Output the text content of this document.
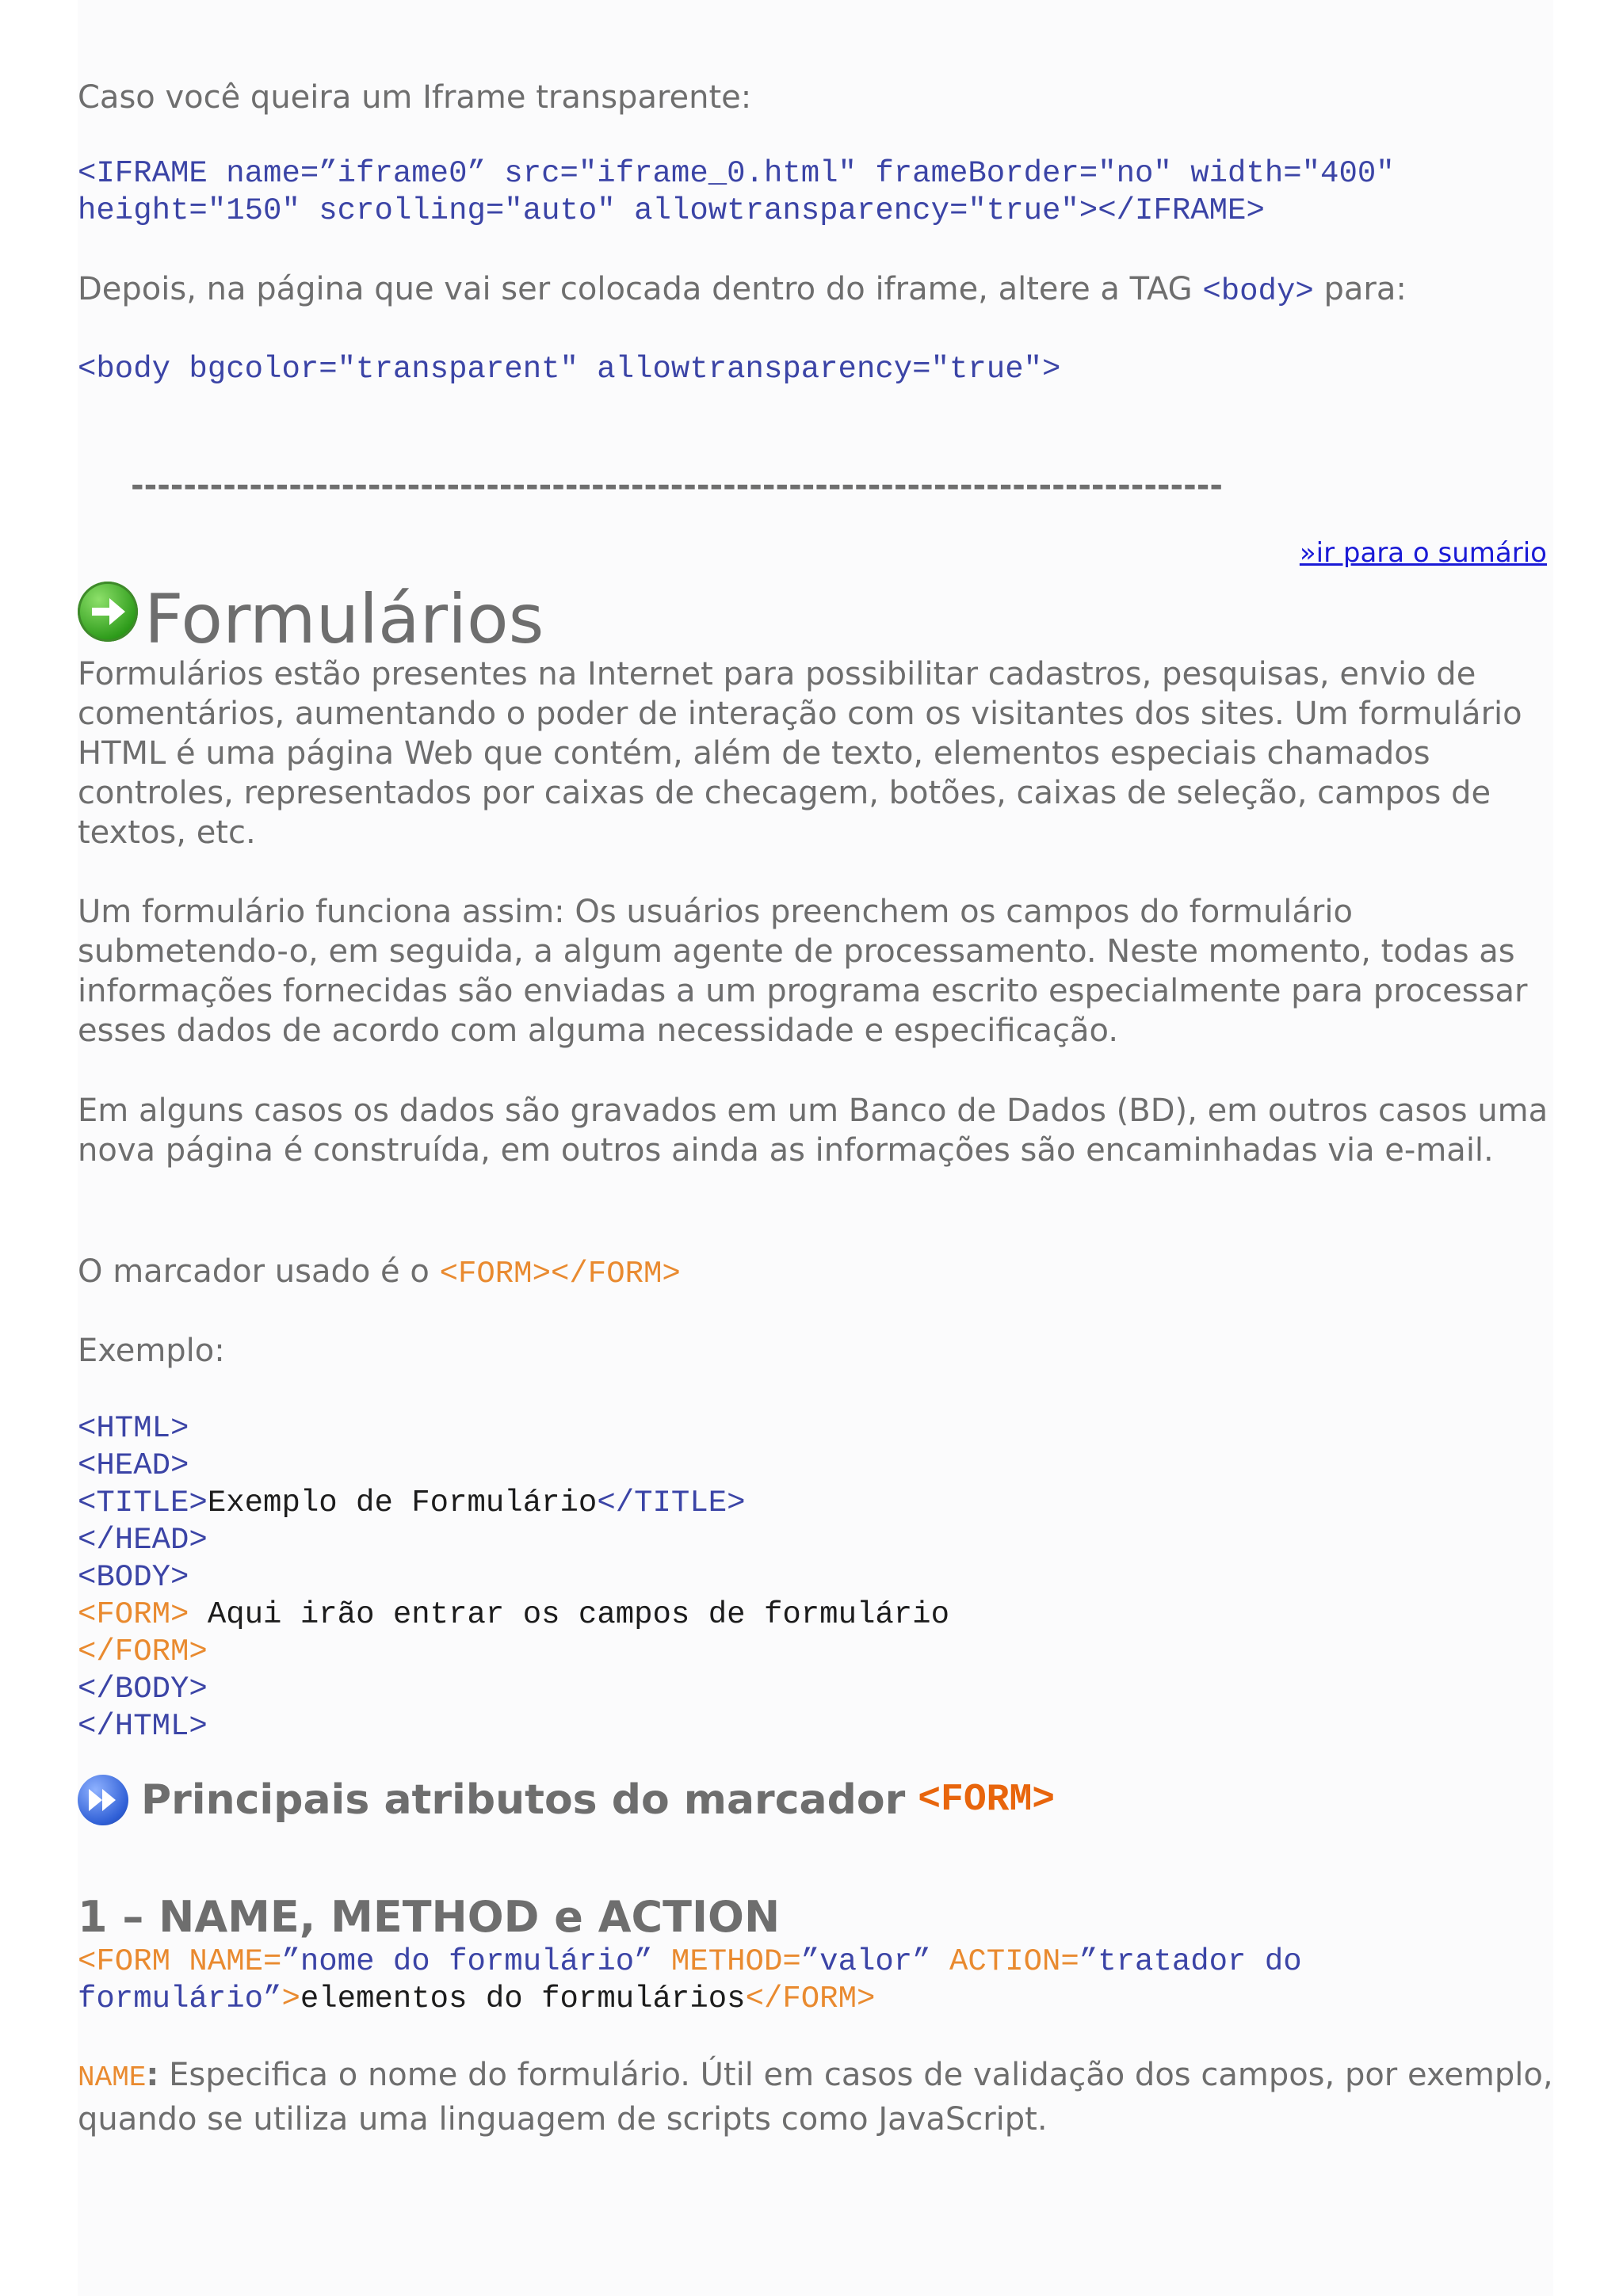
Caso você queira um Iframe transparente:

<IFRAME name=”iframe0” src="iframe_0.html" frameBorder="no" width="400"
height="150" scrolling="auto" allowtransparency="true"></IFRAME>

Depois, na página que vai ser colocada dentro do iframe, altere a TAG <body> para:

<body bgcolor="transparent" allowtransparency="true">
-----------------------------------------------------------------------------------
»ir para o sumário
Formulários

Formulários estão presentes na Internet para possibilitar cadastros, pesquisas, envio de comentários, aumentando o poder de interação com os visitantes dos sites. Um formulário HTML é uma página Web que contém, além de texto, elementos especiais chamados controles, representados por caixas de checagem, botões, caixas de seleção, campos de textos, etc.

Um formulário funciona assim: Os usuários preenchem os campos do formulário submetendo-o, em seguida, a algum agente de processamento. Neste momento, todas as informações fornecidas são enviadas a um programa escrito especialmente para processar esses dados de acordo com alguma necessidade e especificação.

Em alguns casos os dados são gravados em um Banco de Dados (BD), em outros casos uma nova página é construída, em outros ainda as informações são encaminhadas via e-mail.

O marcador usado é o <FORM></FORM>

Exemplo:

<HTML>
<HEAD>
<TITLE>Exemplo de Formulário</TITLE>
</HEAD>
<BODY>
<FORM> Aqui irão entrar os campos de formulário
</FORM>
</BODY>
</HTML>
Principais atributos do marcador <FORM>
1 – NAME, METHOD e ACTION
<FORM NAME=”nome do formulário” METHOD=”valor” ACTION=”tratador do
formulário”>elementos do formulários</FORM>

NAME: Especifica o nome do formulário. Útil em casos de validação dos campos, por exemplo, quando se utiliza uma linguagem de scripts como JavaScript.
